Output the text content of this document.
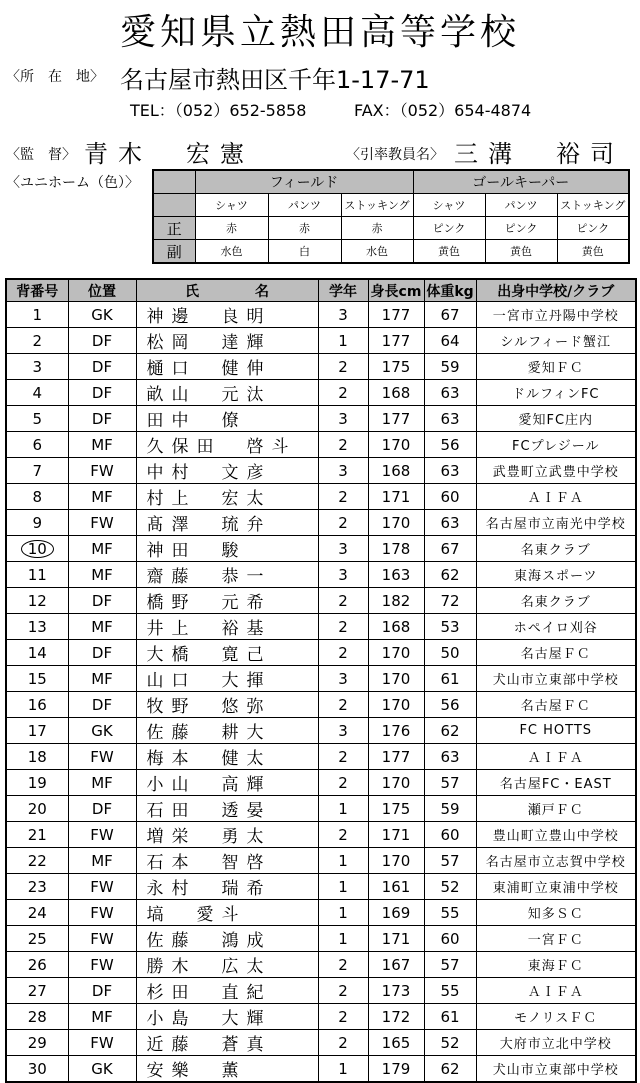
愛知県立熱田高等学校
〈所　在　地〉 名古屋市熱田区千年1-17-71
TEL：（052）652-5858	FAX：（052）654-4874
〈監　督〉 青木　宏憲	〈引率教員名〉 三溝　裕司
〈ユニホーム（色）〉
		フィールド			ゴールキーパー		
	シャツ	パンツ	ストッキング	シャツ	パンツ	ストッキング
正	赤	赤	赤	ピンク	ピンク	ピンク
副	水色	白	水色	黄色	黄色	黄色
背番号	位置	氏　　　　名	学年	身長cm	体重kg	出身中学校/クラブ
1	GK	神邊　良明	3	177	67	一宮市立丹陽中学校
2	DF	松岡　達輝	1	177	64	シルフィード蟹江
3	DF	樋口　健伸	2	175	59	愛知ＦＣ
4	DF	畝山　元汰	2	168	63	ドルフィンFC
5	DF	田中　僚	3	177	63	愛知FC庄内
6	MF	久保田　啓斗	2	170	56	FCプレジール
7	FW	中村　文彦	3	168	63	武豊町立武豊中学校
8	MF	村上　宏太	2	171	60	ＡＩＦＡ
9	FW	髙澤　琉弁	2	170	63	名古屋市立南光中学校
10	MF	神田　駿	3	178	67	名東クラブ
11	MF	齋藤　恭一	3	163	62	東海スポーツ
12	DF	橋野　元希	2	182	72	名東クラブ
13	MF	井上　裕基	2	168	53	ホペイロ刈谷
14	DF	大橋　寛己	2	170	50	名古屋ＦＣ
15	MF	山口　大揮	3	170	61	犬山市立東部中学校
16	DF	牧野　悠弥	2	170	56	名古屋ＦＣ
17	GK	佐藤　耕大	3	176	62	FC HOTTS
18	FW	梅本　健太	2	177	63	ＡＩＦＡ
19	MF	小山　高輝	2	170	57	名古屋FC・EAST
20	DF	石田　透晏	1	175	59	瀬戸ＦＣ
21	FW	増栄　勇太	2	171	60	豊山町立豊山中学校
22	MF	石本　智啓	1	170	57	名古屋市立志賀中学校
23	FW	永村　瑞希	1	161	52	東浦町立東浦中学校
24	FW	塙　愛斗	1	169	55	知多ＳＣ
25	FW	佐藤　鴻成	1	171	60	一宮ＦＣ
26	FW	勝木　広太	2	167	57	東海ＦＣ
27	DF	杉田　直紀	2	173	55	ＡＩＦＡ
28	MF	小島　大輝	2	172	61	モノリスＦＣ
29	FW	近藤　蒼真	2	165	52	大府市立北中学校
30	GK	安樂　薫	1	179	62	犬山市立東部中学校
